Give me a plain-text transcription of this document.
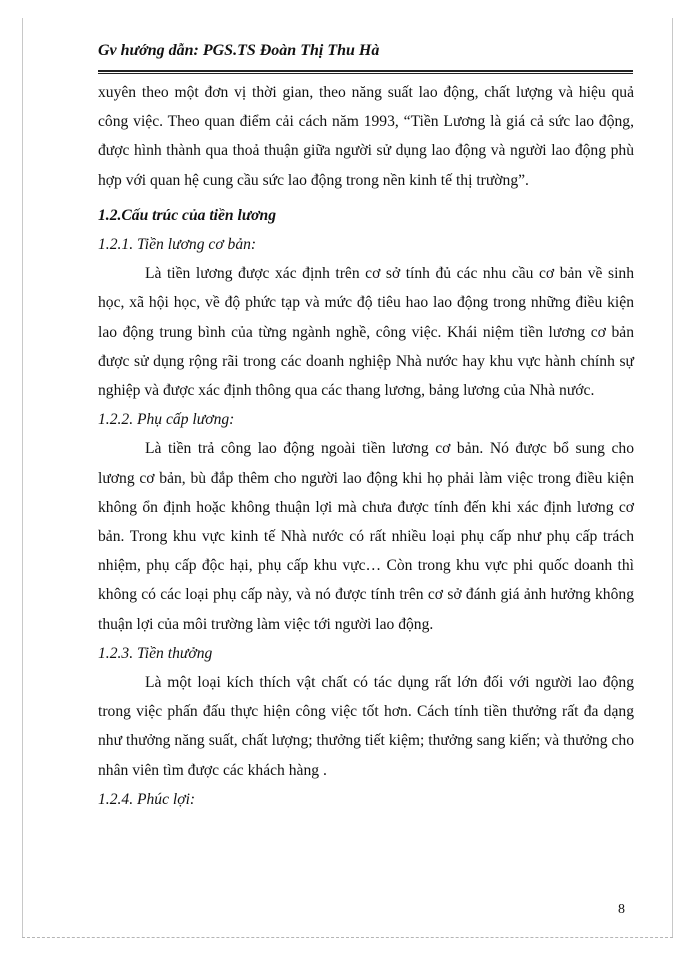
Gv hướng dẫn: PGS.TS Đoàn Thị Thu Hà

xuyên theo một đơn vị thời gian, theo năng suất lao động, chất lượng và hiệu quả công việc. Theo quan điểm cải cách năm 1993, “Tiền Lương là giá cả sức lao động, được hình thành qua thoả thuận giữa người sử dụng lao động và người lao động phù hợp với quan hệ cung cầu sức lao động trong nền kinh tế thị trường”.

1.2.Cấu trúc của tiền lương
1.2.1. Tiền lương cơ bản:

Là tiền lương được xác định trên cơ sở tính đủ các nhu cầu cơ bản về sinh học, xã hội học, về độ phức tạp và mức độ tiêu hao lao động trong những điều kiện lao động trung bình của từng ngành nghề, công việc. Khái niệm tiền lương cơ bản được sử dụng rộng rãi trong các doanh nghiệp Nhà nước hay khu vực hành chính sự nghiệp và được xác định thông qua các thang lương, bảng lương của Nhà nước.

1.2.2. Phụ cấp lương:

Là tiền trả công lao động ngoài tiền lương cơ bản. Nó được bổ sung cho lương cơ bản, bù đắp thêm cho người lao động khi họ phải làm việc trong điều kiện không ổn định hoặc không thuận lợi mà chưa được tính đến khi xác định lương cơ bản. Trong khu vực kinh tế Nhà nước có rất nhiều loại phụ cấp như phụ cấp trách nhiệm, phụ cấp độc hại, phụ cấp khu vực… Còn trong khu vực phi quốc doanh thì không có các loại phụ cấp này, và nó được tính trên cơ sở đánh giá ảnh hưởng không thuận lợi của môi trường làm việc tới người lao động.

1.2.3. Tiền thưởng

Là một loại kích thích vật chất có tác dụng rất lớn đối với người lao động trong việc phấn đấu thực hiện công việc tốt hơn. Cách tính tiền thưởng rất đa dạng như thưởng năng suất, chất lượng; thưởng tiết kiệm; thưởng sang kiến; và thưởng cho nhân viên tìm được các khách hàng .

1.2.4. Phúc lợi:
8
